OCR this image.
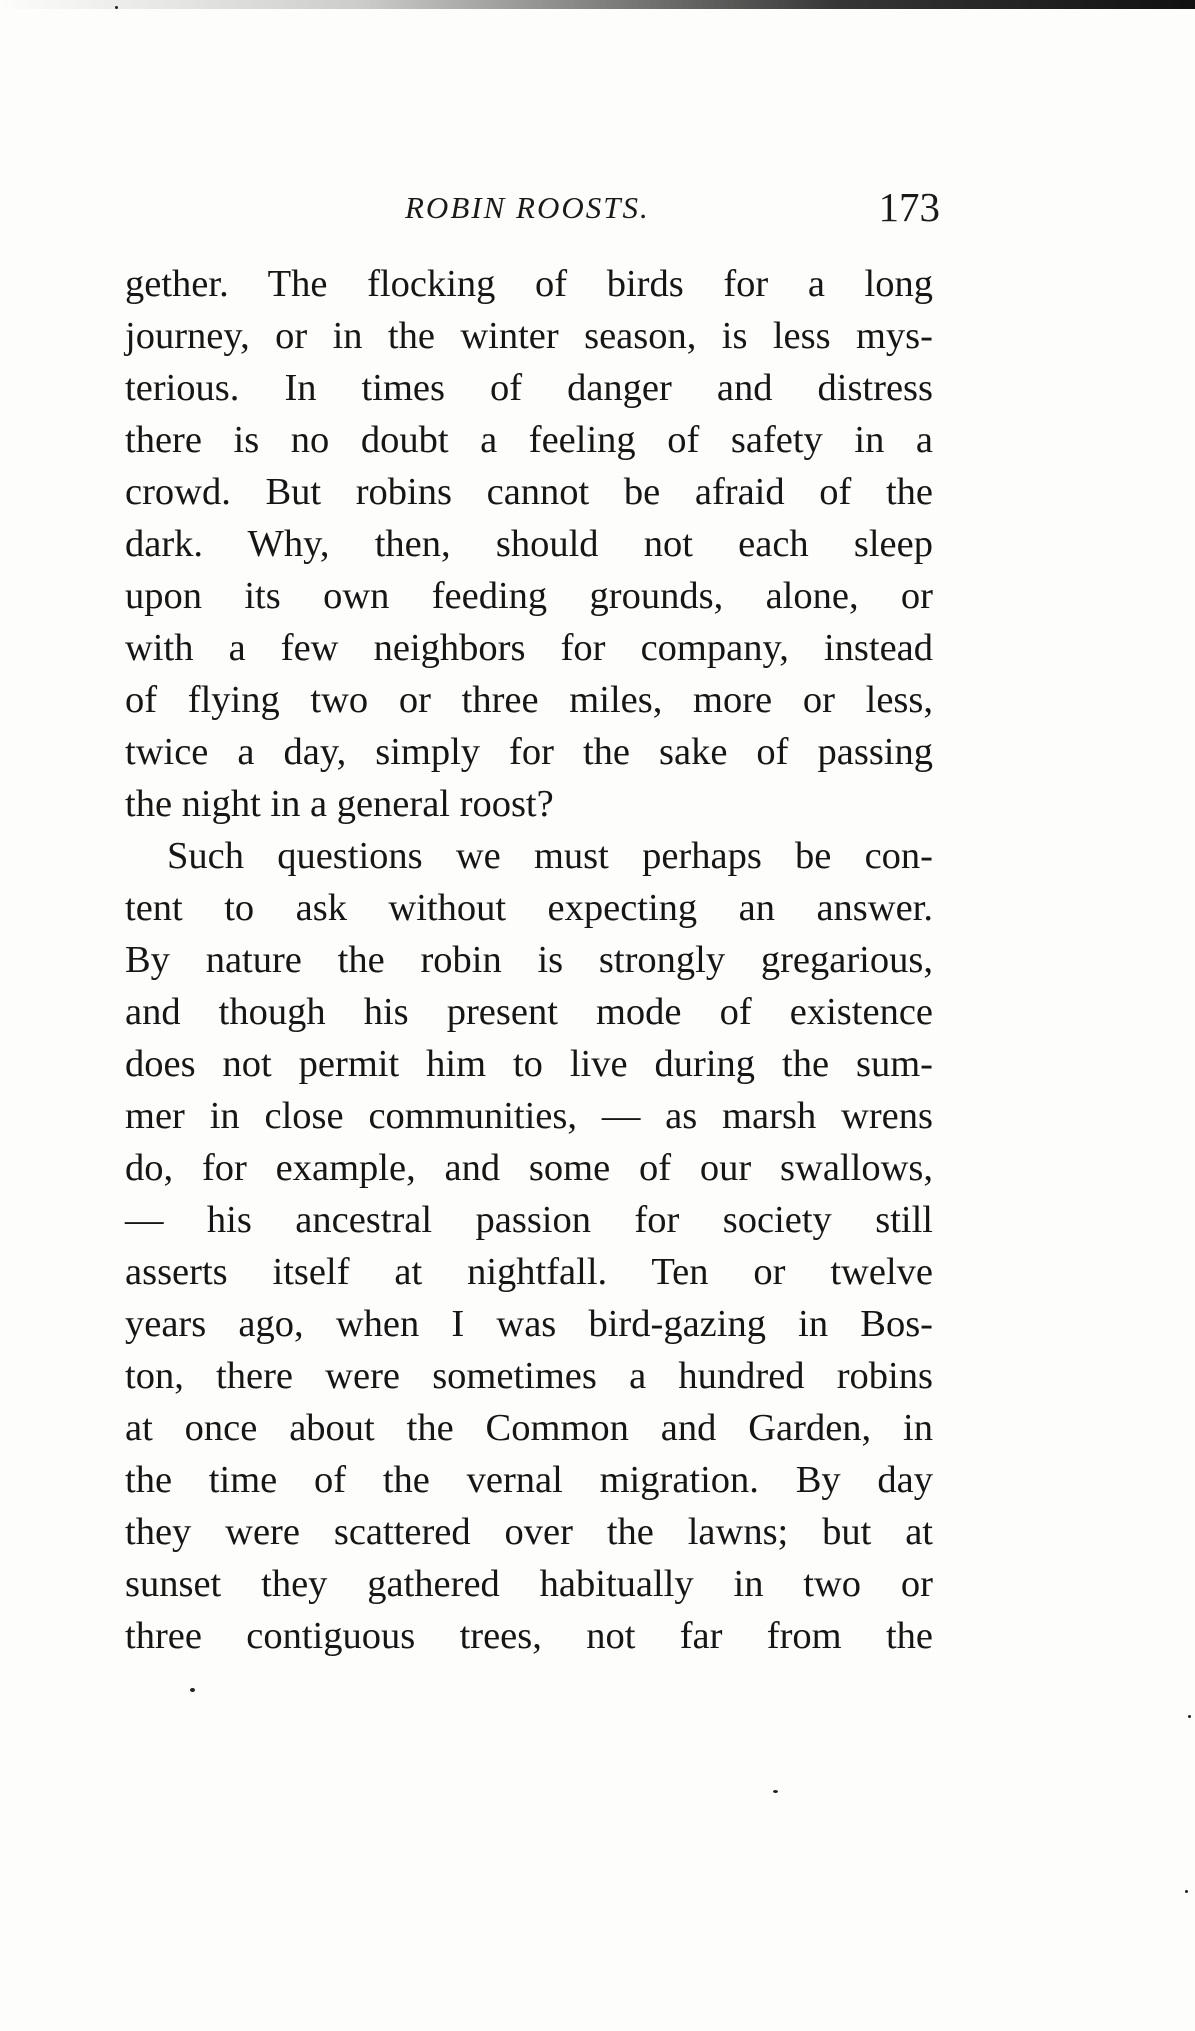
ROBIN ROOSTS.	173
gether. The flocking of birds for a long
journey, or in the winter season, is less mys-
terious. In times of danger and distress
there is no doubt a feeling of safety in a
crowd. But robins cannot be afraid of the
dark. Why, then, should not each sleep
upon its own feeding grounds, alone, or
with a few neighbors for company, instead
of flying two or three miles, more or less,
twice a day, simply for the sake of passing
the night in a general roost?
Such questions we must perhaps be con-
tent to ask without expecting an answer.
By nature the robin is strongly gregarious,
and though his present mode of existence
does not permit him to live during the sum-
mer in close communities, — as marsh wrens
do, for example, and some of our swallows,
— his ancestral passion for society still
asserts itself at nightfall. Ten or twelve
years ago, when I was bird-gazing in Bos-
ton, there were sometimes a hundred robins
at once about the Common and Garden, in
the time of the vernal migration. By day
they were scattered over the lawns; but at
sunset they gathered habitually in two or
three contiguous trees, not far from the
